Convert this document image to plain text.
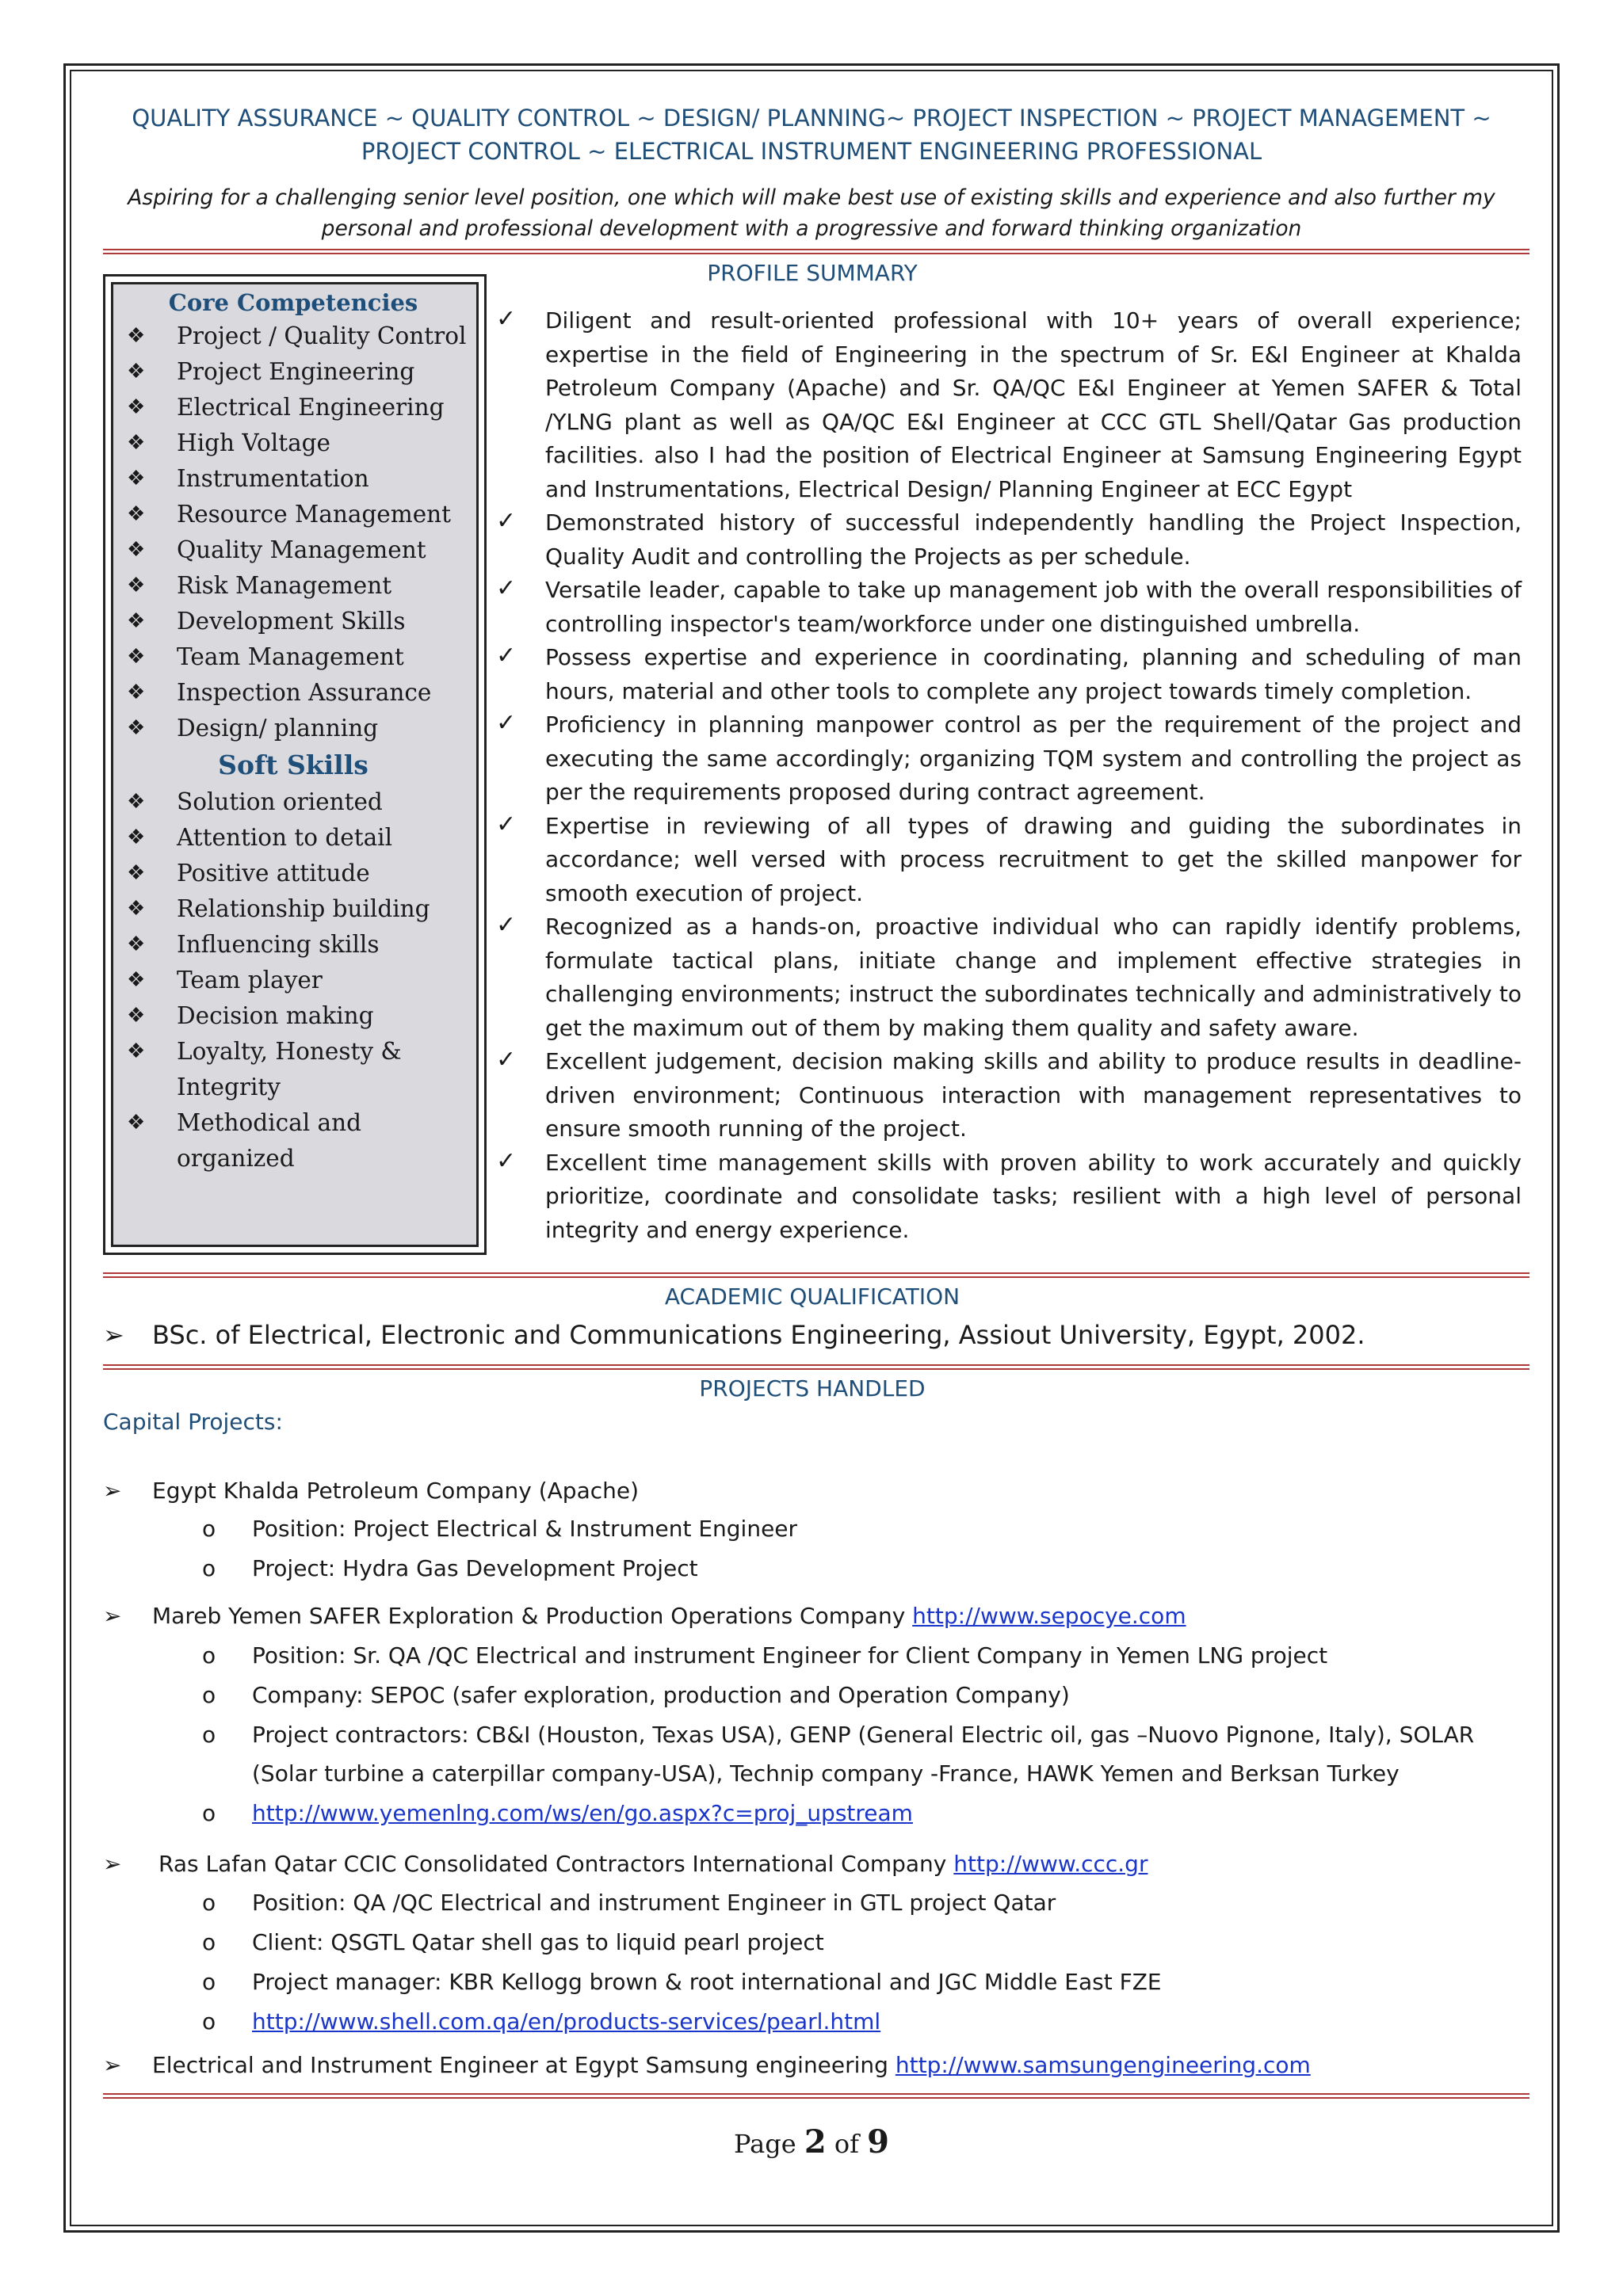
QUALITY ASSURANCE ~ QUALITY CONTROL ~ DESIGN/ PLANNING~ PROJECT INSPECTION ~ PROJECT MANAGEMENT ~ PROJECT CONTROL ~ ELECTRICAL INSTRUMENT ENGINEERING PROFESSIONAL
Aspiring for a challenging senior level position, one which will make best use of existing skills and experience and also further my personal and professional development with a progressive and forward thinking organization
PROFILE SUMMARY
Core Competencies
❖ Project / Quality Control
❖ Project Engineering
❖ Electrical Engineering
❖ High Voltage
❖ Instrumentation
❖ Resource Management
❖ Quality Management
❖ Risk Management
❖ Development Skills
❖ Team Management
❖ Inspection Assurance
❖ Design/ planning
Soft Skills
❖ Solution oriented
❖ Attention to detail
❖ Positive attitude
❖ Relationship building
❖ Influencing skills
❖ Team player
❖ Decision making
❖ Loyalty, Honesty & Integrity
❖ Methodical and organized
✓ Diligent and result-oriented professional with 10+ years of overall experience; expertise in the field of Engineering in the spectrum of Sr. E&I Engineer at Khalda Petroleum Company (Apache) and Sr. QA/QC E&I Engineer at Yemen SAFER & Total /YLNG plant as well as QA/QC E&I Engineer at CCC GTL Shell/Qatar Gas production facilities. also I had the position of Electrical Engineer at Samsung Engineering Egypt and Instrumentations, Electrical Design/ Planning Engineer at ECC Egypt
✓ Demonstrated history of successful independently handling the Project Inspection, Quality Audit and controlling the Projects as per schedule.
✓ Versatile leader, capable to take up management job with the overall responsibilities of controlling inspector's team/workforce under one distinguished umbrella.
✓ Possess expertise and experience in coordinating, planning and scheduling of man hours, material and other tools to complete any project towards timely completion.
✓ Proficiency in planning manpower control as per the requirement of the project and executing the same accordingly; organizing TQM system and controlling the project as per the requirements proposed during contract agreement.
✓ Expertise in reviewing of all types of drawing and guiding the subordinates in accordance; well versed with process recruitment to get the skilled manpower for smooth execution of project.
✓ Recognized as a hands-on, proactive individual who can rapidly identify problems, formulate tactical plans, initiate change and implement effective strategies in challenging environments; instruct the subordinates technically and administratively to get the maximum out of them by making them quality and safety aware.
✓ Excellent judgement, decision making skills and ability to produce results in deadline-driven environment; Continuous interaction with management representatives to ensure smooth running of the project.
✓ Excellent time management skills with proven ability to work accurately and quickly prioritize, coordinate and consolidate tasks; resilient with a high level of personal integrity and energy experience.
ACADEMIC QUALIFICATION
➢ BSc. of Electrical, Electronic and Communications Engineering, Assiout University, Egypt, 2002.
PROJECTS HANDLED
Capital Projects:
➢ Egypt Khalda Petroleum Company (Apache)
o Position: Project Electrical & Instrument Engineer
o Project: Hydra Gas Development Project
➢ Mareb Yemen SAFER Exploration & Production Operations Company http://www.sepocye.com
o Position: Sr. QA /QC Electrical and instrument Engineer for Client Company in Yemen LNG project
o Company: SEPOC (safer exploration, production and Operation Company)
o Project contractors: CB&I (Houston, Texas USA), GENP (General Electric oil, gas –Nuovo Pignone, Italy), SOLAR
(Solar turbine a caterpillar company-USA), Technip company -France, HAWK Yemen and Berksan Turkey
o http://www.yemenlng.com/ws/en/go.aspx?c=proj_upstream
➢ Ras Lafan Qatar CCIC Consolidated Contractors International Company http://www.ccc.gr
o Position: QA /QC Electrical and instrument Engineer in GTL project Qatar
o Client: QSGTL Qatar shell gas to liquid pearl project
o Project manager: KBR Kellogg brown & root international and JGC Middle East FZE
o http://www.shell.com.qa/en/products-services/pearl.html
➢ Electrical and Instrument Engineer at Egypt Samsung engineering http://www.samsungengineering.com
Page 2 of 9
